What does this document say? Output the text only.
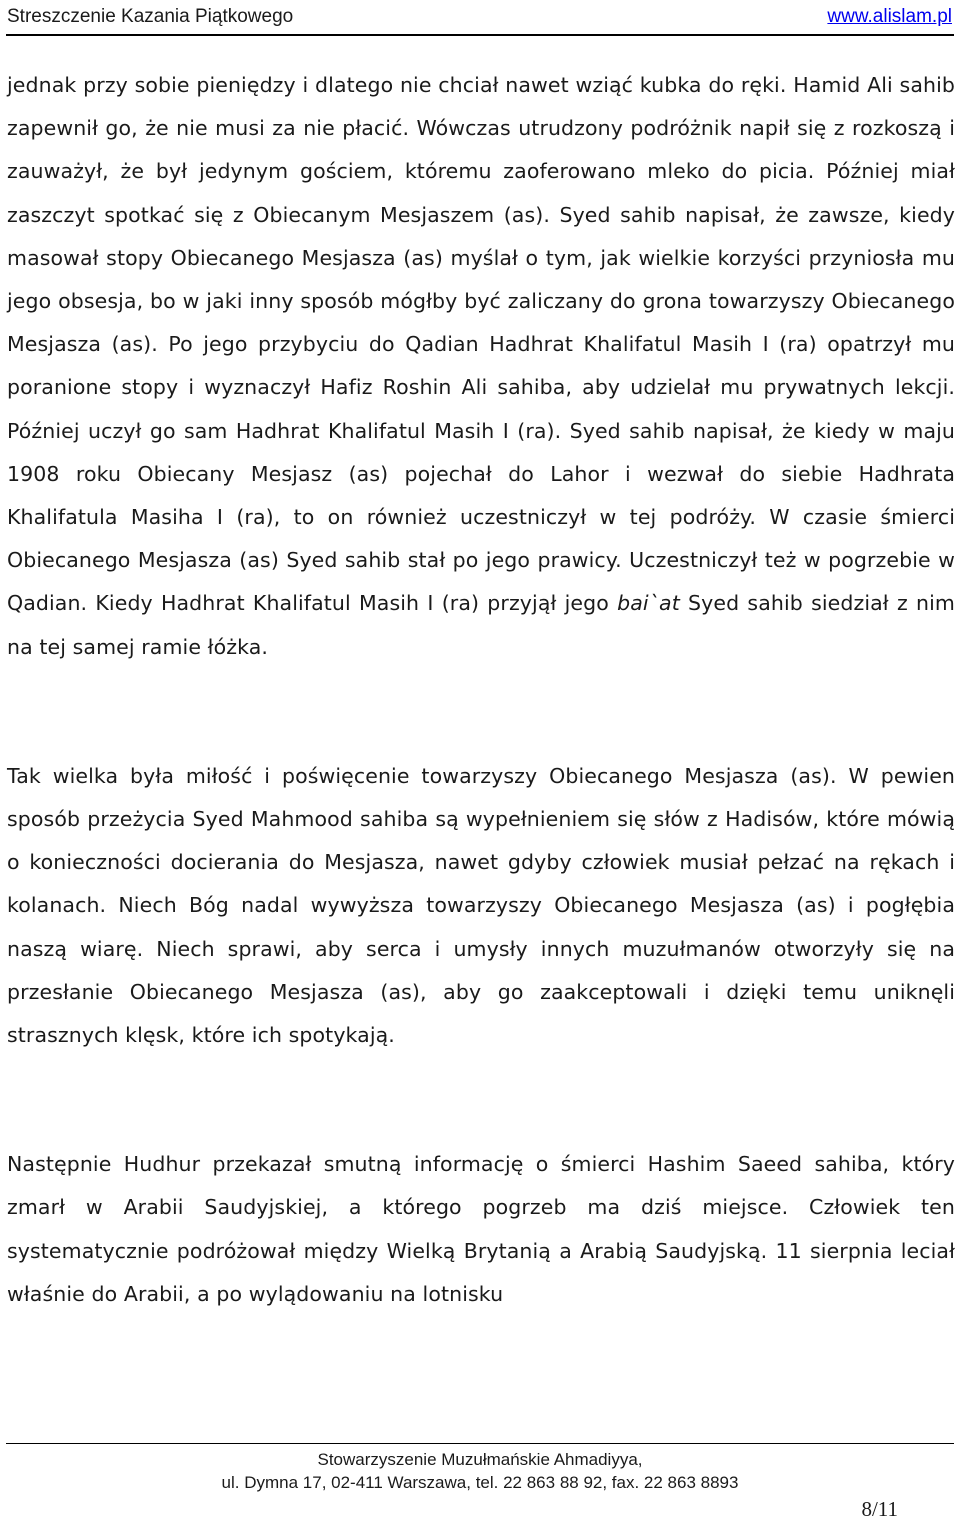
Streszczenie Kazania Piątkowego	www.alislam.pl

jednak przy sobie pieniędzy i dlatego nie chciał nawet wziąć kubka do ręki. Hamid Ali sahib zapewnił go, że nie musi za nie płacić. Wówczas utrudzony podróżnik napił się z rozkoszą i zauważył, że był jedynym gościem, któremu zaoferowano mleko do picia. Później miał zaszczyt spotkać się z Obiecanym Mesjaszem (as). Syed sahib napisał, że zawsze, kiedy masował stopy Obiecanego Mesjasza (as) myślał o tym, jak wielkie korzyści przyniosła mu jego obsesja, bo w jaki inny sposób mógłby być zaliczany do grona towarzyszy Obiecanego Mesjasza (as). Po jego przybyciu do Qadian Hadhrat Khalifatul Masih I (ra) opatrzył mu poranione stopy i wyznaczył Hafiz Roshin Ali sahiba, aby udzielał mu prywatnych lekcji. Później uczył go sam Hadhrat Khalifatul Masih I (ra). Syed sahib napisał, że kiedy w maju 1908 roku Obiecany Mesjasz (as) pojechał do Lahor i wezwał do siebie Hadhrata Khalifatula Masiha I (ra), to on również uczestniczył w tej podróży. W czasie śmierci Obiecanego Mesjasza (as) Syed sahib stał po jego prawicy. Uczestniczył też w pogrzebie w Qadian. Kiedy Hadhrat Khalifatul Masih I (ra) przyjął jego bai`at Syed sahib siedział z nim na tej samej ramie łóżka.

Tak wielka była miłość i poświęcenie towarzyszy Obiecanego Mesjasza (as). W pewien sposób przeżycia Syed Mahmood sahiba są wypełnieniem się słów z Hadisów, które mówią o konieczności docierania do Mesjasza, nawet gdyby człowiek musiał pełzać na rękach i kolanach. Niech Bóg nadal wywyższa towarzyszy Obiecanego Mesjasza (as) i pogłębia naszą wiarę. Niech sprawi, aby serca i umysły innych muzułmanów otworzyły się na przesłanie Obiecanego Mesjasza (as), aby go zaakceptowali i dzięki temu uniknęli strasznych klęsk, które ich spotykają.

Następnie Hudhur przekazał smutną informację o śmierci Hashim Saeed sahiba, który zmarł w Arabii Saudyjskiej, a którego pogrzeb ma dziś miejsce. Człowiek ten systematycznie podróżował między Wielką Brytanią a Arabią Saudyjską. 11 sierpnia leciał właśnie do Arabii, a po wylądowaniu na lotnisku

Stowarzyszenie Muzułmańskie Ahmadiyya,
ul. Dymna 17, 02-411 Warszawa, tel. 22 863 88 92, fax. 22 863 8893
8/11
